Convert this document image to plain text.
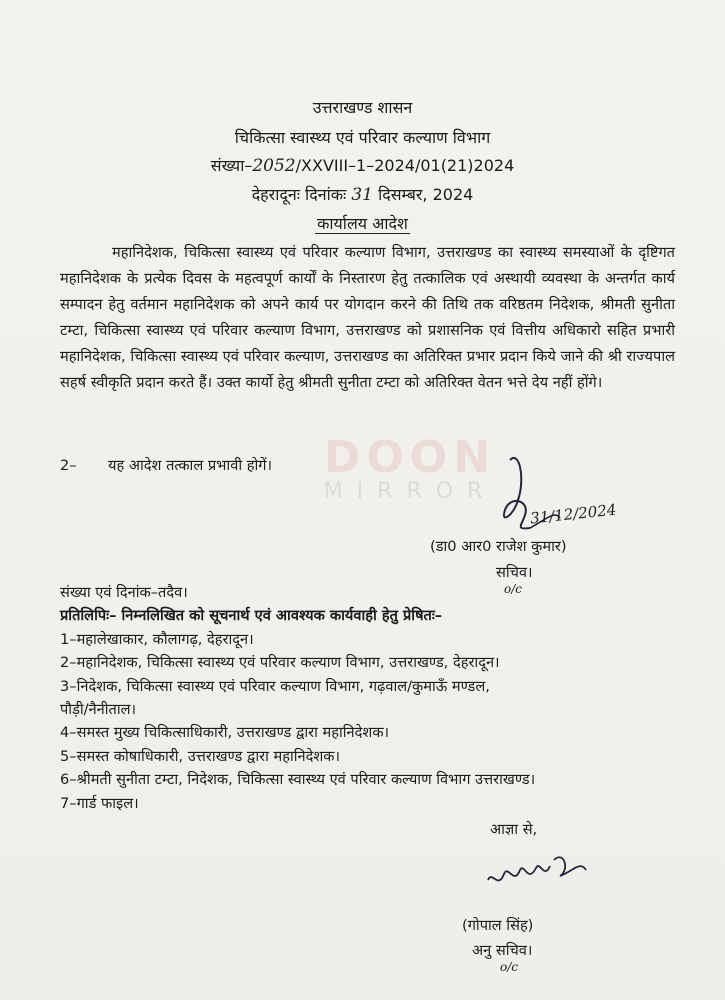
उत्तराखण्ड शासन
चिकित्सा स्वास्थ्य एवं परिवार कल्याण विभाग
संख्या–2052/XXVIII–1–2024/01(21)2024
देहरादूनः दिनांकः 31 दिसम्बर, 2024
कार्यालय आदेश

महानिदेशक, चिकित्सा स्वास्थ्य एवं परिवार कल्याण विभाग, उत्तराखण्ड का स्वास्थ्य समस्याओं के दृष्टिगत महानिदेशक के प्रत्येक दिवस के महत्वपूर्ण कार्यों के निस्तारण हेतु तत्कालिक एवं अस्थायी व्यवस्था के अन्तर्गत कार्य सम्पादन हेतु वर्तमान महानिदेशक को अपने कार्य पर योगदान करने की तिथि तक वरिष्ठतम निदेशक, श्रीमती सुनीता टम्टा, चिकित्सा स्वास्थ्य एवं परिवार कल्याण विभाग, उत्तराखण्ड को प्रशासनिक एवं वित्तीय अधिकारो सहित प्रभारी महानिदेशक, चिकित्सा स्वास्थ्य एवं परिवार कल्याण, उत्तराखण्ड का अतिरिक्त प्रभार प्रदान किये जाने की श्री राज्यपाल सहर्ष स्वीकृति प्रदान करते हैं। उक्त कार्यो हेतु श्रीमती सुनीता टम्टा को अतिरिक्त वेतन भत्ते देय नहीं होंगे।

2– यह आदेश तत्काल प्रभावी होगें।	DOON
MIRROR
31/12/2024
(डा0 आर0 राजेश कुमार)
सचिव।
o/c
संख्या एवं दिनांक–तदैव।
प्रतिलिपिः– निम्नलिखित को सूचनार्थ एवं आवश्यक कार्यवाही हेतु प्रेषितः–
1–महालेखाकार, कौलागढ़, देहरादून।
2–महानिदेशक, चिकित्सा स्वास्थ्य एवं परिवार कल्याण विभाग, उत्तराखण्ड, देहरादून।
3–निदेशक, चिकित्सा स्वास्थ्य एवं परिवार कल्याण विभाग, गढ़वाल/कुमाऊँ मण्डल,
पौड़ी/नैनीताल।
4–समस्त मुख्य चिकित्साधिकारी, उत्तराखण्ड द्वारा महानिदेशक।
5–समस्त कोषाधिकारी, उत्तराखण्ड द्वारा महानिदेशक।
6–श्रीमती सुनीता टम्टा, निदेशक, चिकित्सा स्वास्थ्य एवं परिवार कल्याण विभाग उत्तराखण्ड।
7–गार्ड फाइल।
आज्ञा से,
(गोपाल सिंह)
अनु सचिव।
o/c
